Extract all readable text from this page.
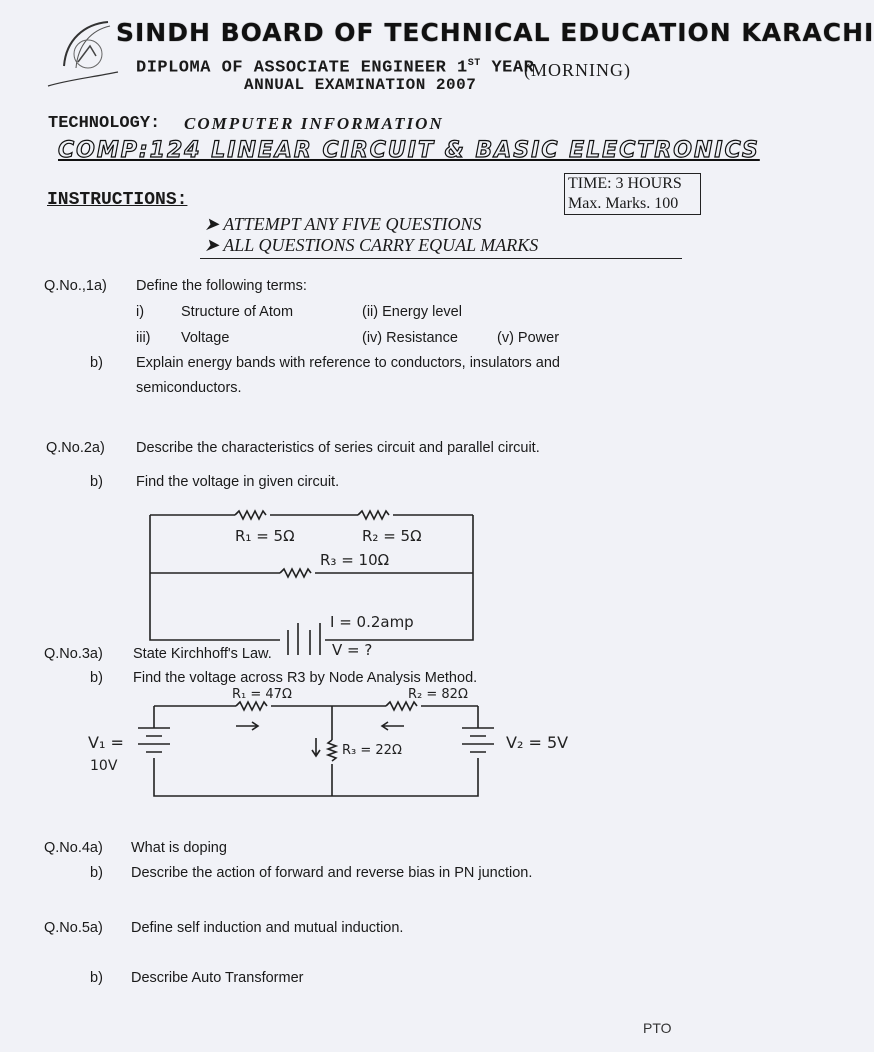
SINDH BOARD OF TECHNICAL EDUCATION KARACHI
DIPLOMA OF ASSOCIATE ENGINEER 1ST YEAR
(MORNING)
ANNUAL EXAMINATION 2007
TECHNOLOGY: COMPUTER INFORMATION
COMP:124 LINEAR CIRCUIT & BASIC ELECTRONICS
INSTRUCTIONS:
TIME: 3 HOURS
Max. Marks. 100
➤ ATTEMPT ANY FIVE QUESTIONS
➤ ALL QUESTIONS CARRY EQUAL MARKS
Q.No.,1a) Define the following terms:
i)	Structure of Atom	(ii) Energy level
iii) Voltage	(iv) Resistance	(v) Power
b) Explain energy bands with reference to conductors, insulators and
semiconductors.
Q.No.2a) Describe the characteristics of series circuit and parallel circuit.
b) Find the voltage in given circuit.
R₁ = 5Ω	R₂ = 5Ω
R₃ = 10Ω
I = 0.2amp
V = ?
Q.No.3a) State Kirchhoff's Law.
b) Find the voltage across R3 by Node Analysis Method.
R₁ = 47Ω	R₂ = 82Ω
R₃ = 22Ω
V₁ =
10V
V₂ = 5V
Q.No.4a) What is doping
b) Describe the action of forward and reverse bias in PN junction.
Q.No.5a) Define self induction and mutual induction.
b) Describe Auto Transformer
PTO
